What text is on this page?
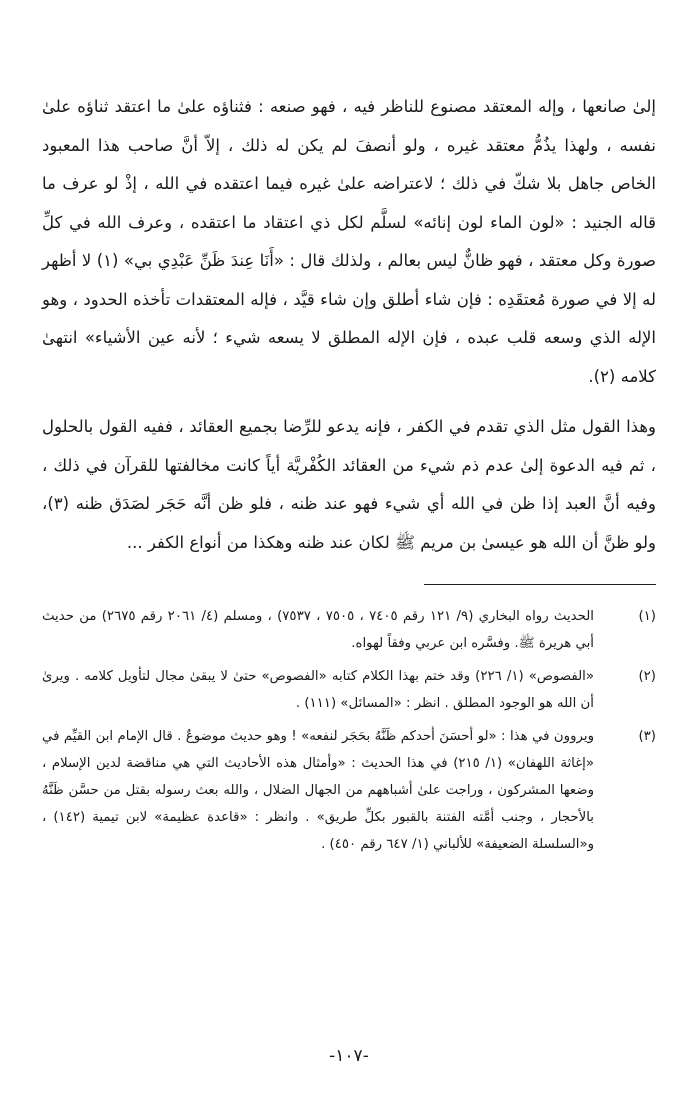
إلىٰ صانعها ، وإله المعتقد مصنوع للناظر فيه ، فهو صنعه : فثناؤه علىٰ ما اعتقد ثناؤه علىٰ نفسه ، ولهذا يذُمُّ معتقد غيره ، ولو أنصفَ لم يكن له ذلك ، إلاّ أنَّ صاحب هذا المعبود الخاص جاهل بلا شكّ في ذلك ؛ لاعتراضه علىٰ غيره فيما اعتقده في الله ، إذْ لو عرف ما قاله الجنيد : «لون الماء لون إنائه» لسلَّم لكل ذي اعتقاد ما اعتقده ، وعرف الله في كلِّ صورة وكل معتقد ، فهو ظانٌّ ليس بعالم ، ولذلك قال : «أَنَا عِندَ ظَنِّ عَبْدِي بي» (١) لا أظهر له إلا في صورة مُعتقَدِه : فإن شاء أطلق وإن شاء قيَّد ، فإله المعتقدات تأخذه الحدود ، وهو الإله الذي وسعه قلب عبده ، فإن الإله المطلق لا يسعه شيء ؛ لأنه عين الأشياء» انتهىٰ كلامه (٢).

وهذا القول مثل الذي تقدم في الكفر ، فإنه يدعو للرِّضا بجميع العقائد ، ففيه القول بالحلول ، ثم فيه الدعوة إلىٰ عدم ذم شيء من العقائد الكُفْريَّة أياً كانت مخالفتها للقرآن في ذلك ، وفيه أنَّ العبد إذا ظن في الله أي شيء فهو عند ظنه ، فلو ظن أنَّه حَجَر لصَدَق ظنه (٣)، ولو ظنَّ أن الله هو عيسىٰ بن مريم ﷺ لكان عند ظنه وهكذا من أنواع الكفر ...

(١)
الحديث رواه البخاري (٩/ ١٢١ رقم ٧٤٠٥ ، ٧٥٠٥ ، ٧٥٣٧) ، ومسلم (٤/ ٢٠٦١ رقم ٢٦٧٥) من حديث أبي هريرة ﷺ. وفسَّره ابن عربي وفقاً لهواه.
(٢)
«الفصوص» (١/ ٢٢٦) وقد ختم بهذا الكلام كتابه «الفصوص» حتىٰ لا يبقىٰ مجال لتأويل كلامه . ويرىٰ أن الله هو الوجود المطلق . انظر : «المسائل» (١١١) .
(٣)
ويروون في هذا : «لو أحسَنَ أحدكم ظَنَّهُ بحَجَر لنفعه» ! وهو حديث موضوعٌ . قال الإمام ابن القيِّم في «إغاثة اللهفان» (١/ ٢١٥) في هذا الحديث : «وأمثال هذه الأحاديث التي هي مناقضة لدين الإسلام ، وضعها المشركون ، وراجت علىٰ أشباههم من الجهال الضلال ، والله بعث رسوله بقتل من حسَّن ظَنَّهُ بالأحجار ، وجنب أمَّته الفتنة بالقبور بكلِّ طريق» . وانظر : «قاعدة عظيمة» لابن تيمية (١٤٢) ، و«السلسلة الضعيفة» للألباني (١/ ٦٤٧ رقم ٤٥٠) .
-١٠٧-
